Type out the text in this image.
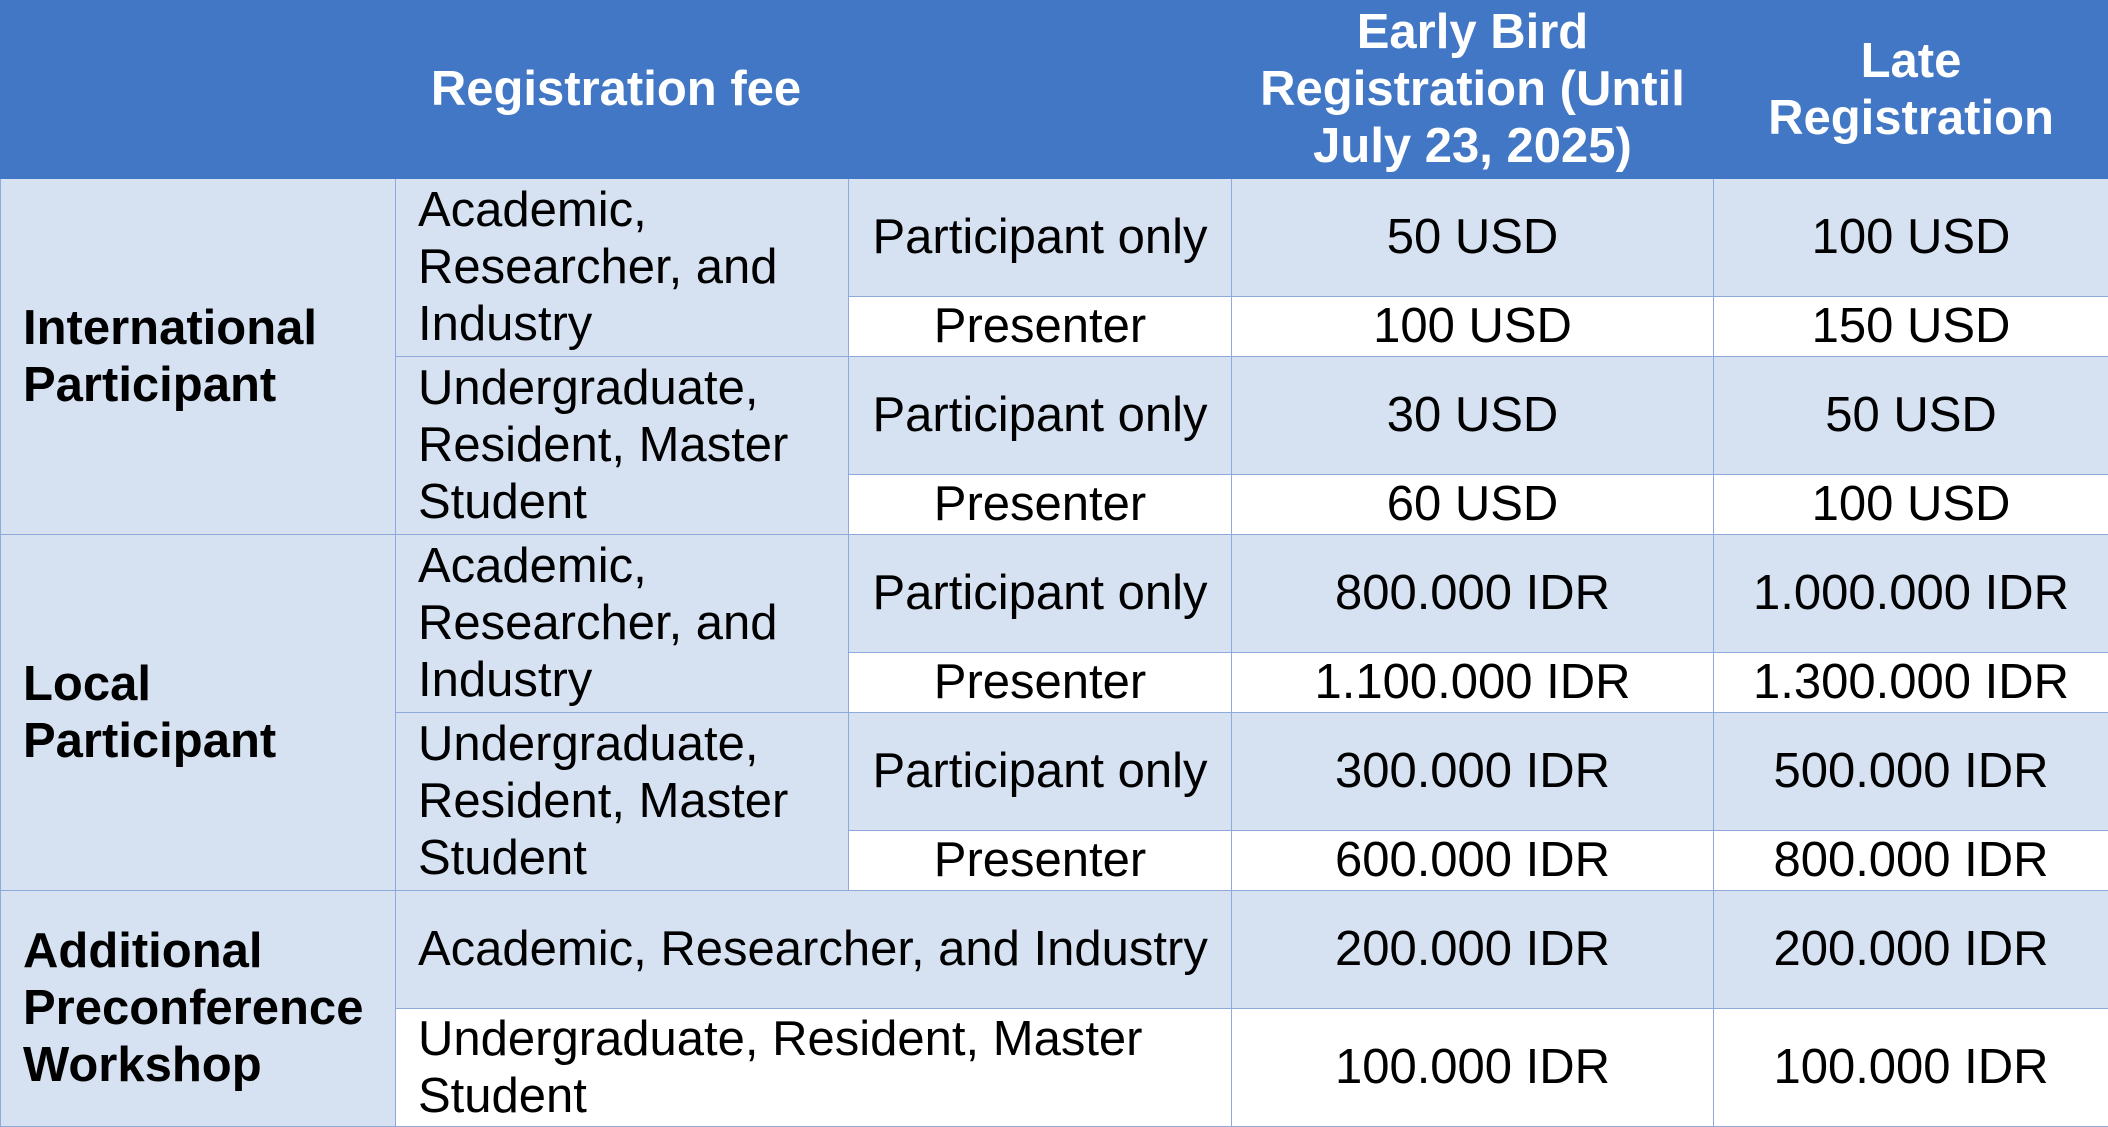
Registration fee			Early Bird Registration (Until July 23, 2025)	Late Registration
International Participant	Academic, Researcher, and Industry	Participant only	50 USD	100 USD
		Presenter	100 USD	150 USD
	Undergraduate, Resident, Master Student	Participant only	30 USD	50 USD
		Presenter	60 USD	100 USD
Local Participant	Academic, Researcher, and Industry	Participant only	800.000 IDR	1.000.000 IDR
		Presenter	1.100.000 IDR	1.300.000 IDR
	Undergraduate, Resident, Master Student	Participant only	300.000 IDR	500.000 IDR
		Presenter	600.000 IDR	800.000 IDR
Additional Preconference Workshop	Academic, Researcher, and Industry		200.000 IDR	200.000 IDR
	Undergraduate, Resident, Master Student		100.000 IDR	100.000 IDR
